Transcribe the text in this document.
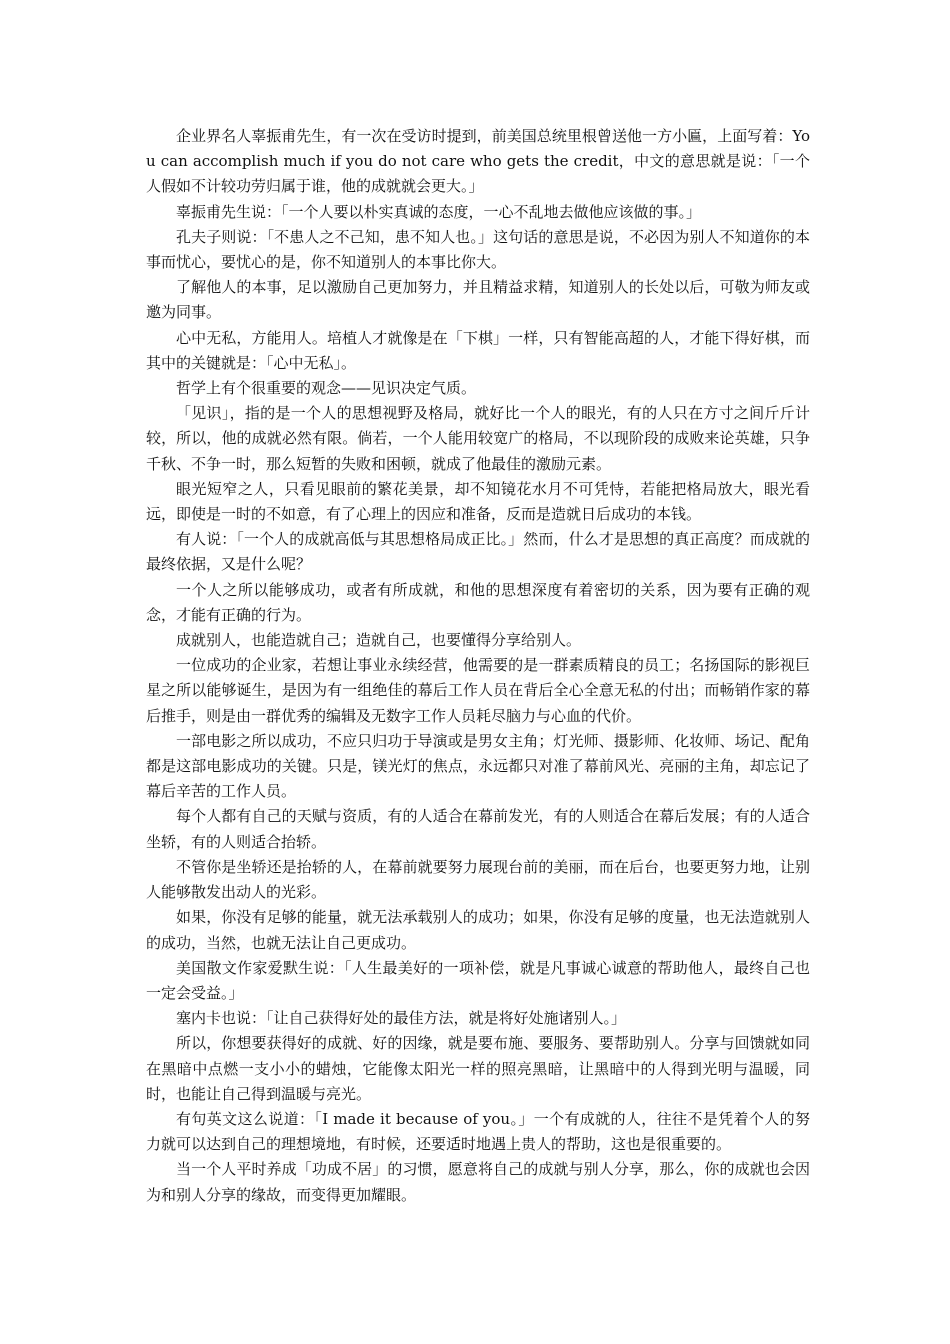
企业界名人辜振甫先生，有一次在受访时提到，前美国总统里根曾送他一方小匾，上面写着：You can accomplish much if you do not care who gets the credit，中文的意思就是说：「一个人假如不计较功劳归属于谁，他的成就就会更大。」

辜振甫先生说：「一个人要以朴实真诚的态度，一心不乱地去做他应该做的事。」

孔夫子则说：「不患人之不己知，患不知人也。」这句话的意思是说，不必因为别人不知道你的本事而忧心，要忧心的是，你不知道别人的本事比你大。

了解他人的本事，足以激励自己更加努力，并且精益求精，知道别人的长处以后，可敬为师友或邀为同事。

心中无私，方能用人。培植人才就像是在「下棋」一样，只有智能高超的人，才能下得好棋，而其中的关键就是：「心中无私」。

哲学上有个很重要的观念——见识决定气质。

「见识」，指的是一个人的思想视野及格局，就好比一个人的眼光，有的人只在方寸之间斤斤计较，所以，他的成就必然有限。倘若，一个人能用较宽广的格局，不以现阶段的成败来论英雄，只争千秋、不争一时，那么短暂的失败和困顿，就成了他最佳的激励元素。

眼光短窄之人，只看见眼前的繁花美景，却不知镜花水月不可凭恃，若能把格局放大，眼光看远，即使是一时的不如意，有了心理上的因应和准备，反而是造就日后成功的本钱。

有人说：「一个人的成就高低与其思想格局成正比。」然而，什么才是思想的真正高度？而成就的最终依据，又是什么呢？

一个人之所以能够成功，或者有所成就，和他的思想深度有着密切的关系，因为要有正确的观念，才能有正确的行为。

成就别人，也能造就自己；造就自己，也要懂得分享给别人。

一位成功的企业家，若想让事业永续经营，他需要的是一群素质精良的员工；名扬国际的影视巨星之所以能够诞生，是因为有一组绝佳的幕后工作人员在背后全心全意无私的付出；而畅销作家的幕后推手，则是由一群优秀的编辑及无数字工作人员耗尽脑力与心血的代价。

一部电影之所以成功，不应只归功于导演或是男女主角；灯光师、摄影师、化妆师、场记、配角都是这部电影成功的关键。只是，镁光灯的焦点，永远都只对准了幕前风光、亮丽的主角，却忘记了幕后辛苦的工作人员。

每个人都有自己的天赋与资质，有的人适合在幕前发光，有的人则适合在幕后发展；有的人适合坐轿，有的人则适合抬轿。

不管你是坐轿还是抬轿的人，在幕前就要努力展现台前的美丽，而在后台，也要更努力地，让别人能够散发出动人的光彩。

如果，你没有足够的能量，就无法承载别人的成功；如果，你没有足够的度量，也无法造就别人的成功，当然，也就无法让自己更成功。

美国散文作家爱默生说：「人生最美好的一项补偿，就是凡事诚心诚意的帮助他人，最终自己也一定会受益。」

塞内卡也说：「让自己获得好处的最佳方法，就是将好处施诸别人。」

所以，你想要获得好的成就、好的因缘，就是要布施、要服务、要帮助别人。分享与回馈就如同在黑暗中点燃一支小小的蜡烛，它能像太阳光一样的照亮黑暗，让黑暗中的人得到光明与温暖，同时，也能让自己得到温暖与亮光。

有句英文这么说道：「I made it because of you。」一个有成就的人，往往不是凭着个人的努力就可以达到自己的理想境地，有时候，还要适时地遇上贵人的帮助，这也是很重要的。

当一个人平时养成「功成不居」的习惯，愿意将自己的成就与别人分享，那么，你的成就也会因为和别人分享的缘故，而变得更加耀眼。
